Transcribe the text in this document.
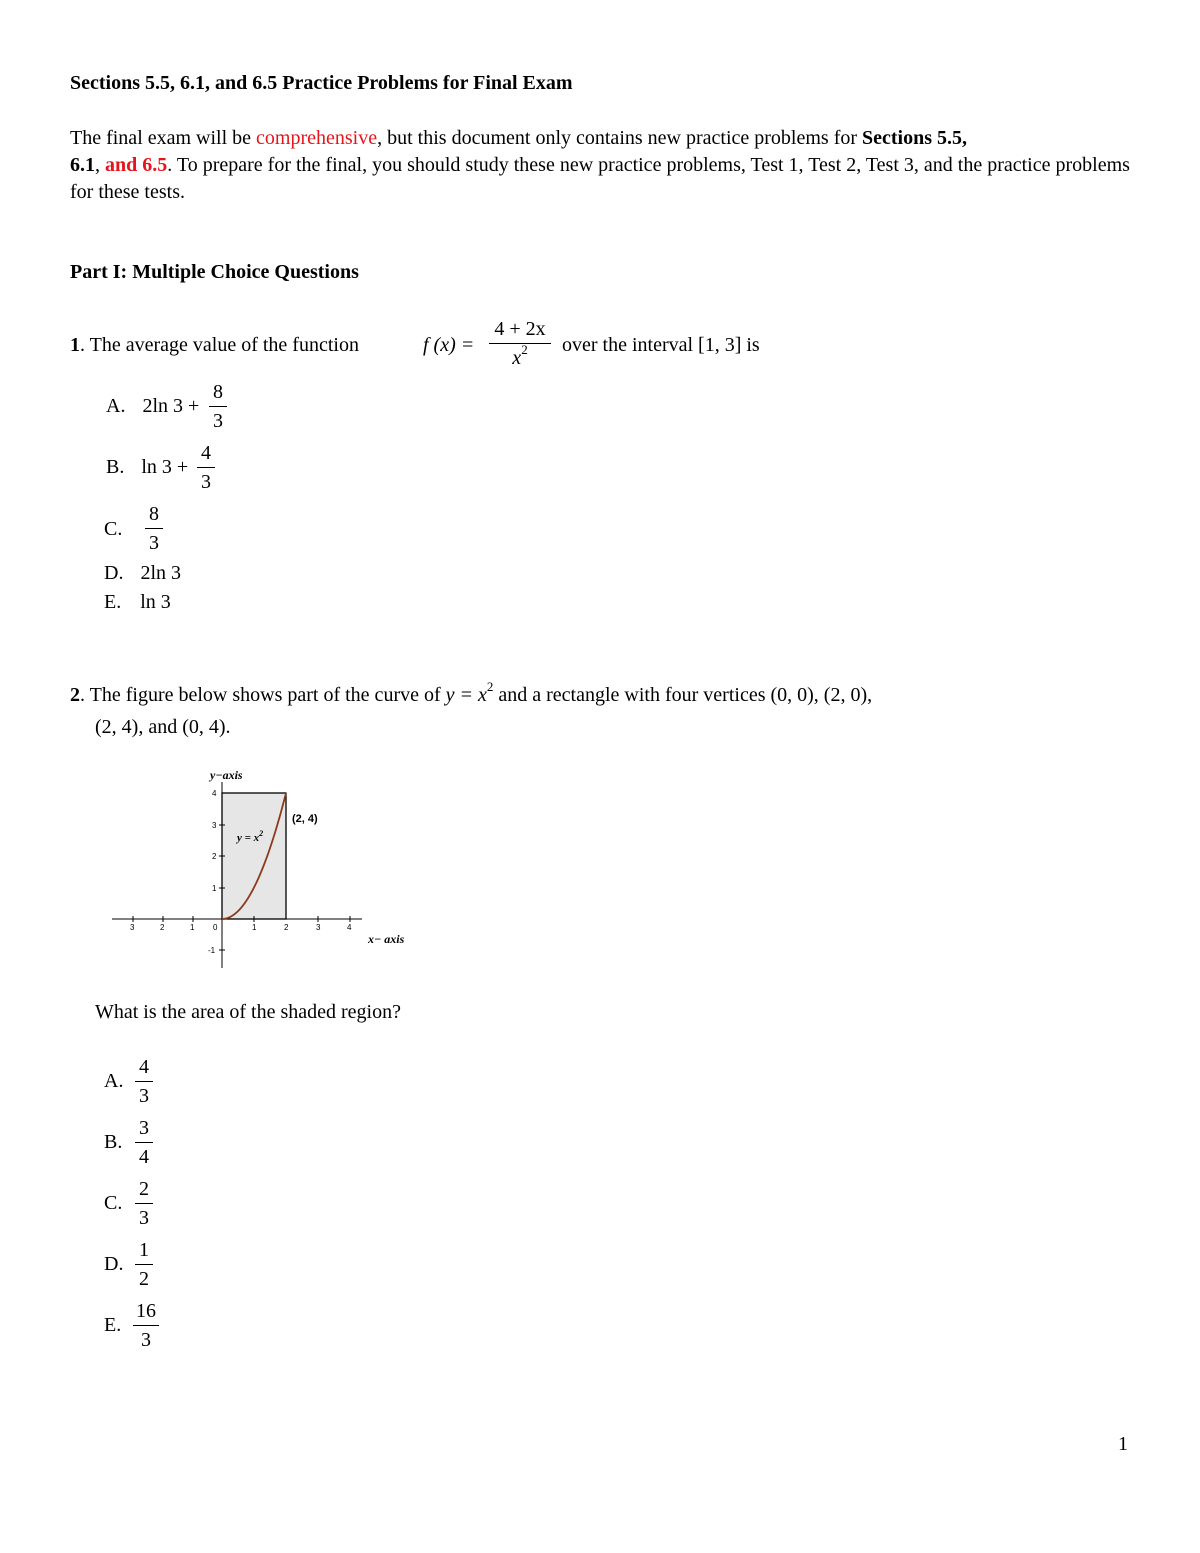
Sections 5.5, 6.1, and 6.5 Practice Problems for Final Exam
The final exam will be comprehensive, but this document only contains new practice problems for Sections 5.5,
6.1, and 6.5. To prepare for the final, you should study these new practice problems, Test 1, Test 2, Test 3, and the practice problems for these tests.
Part I: Multiple Choice Questions
1. The average value of the function	f (x) =
4 + 2x
$x^2$	over the interval [1, 3] is
A. 2ln 3 +
8
3
B. ln 3 +
4
3
C.
8
3
D. 2ln 3
E. ln 3
2. The figure below shows part of the curve of $y = x^2$ and a rectangle with four vertices (0, 0), (2, 0),
(2, 4), and (0, 4).
3	2	1 0	1	2	3	4
4
3
2
1
-1
y−axis
x− axis
$y = x^2$
(2, 4)
What is the area of the shaded region?
A.
4
3
B.
3
4
C.
2
3
D.
1
2
E.
16
3
1
